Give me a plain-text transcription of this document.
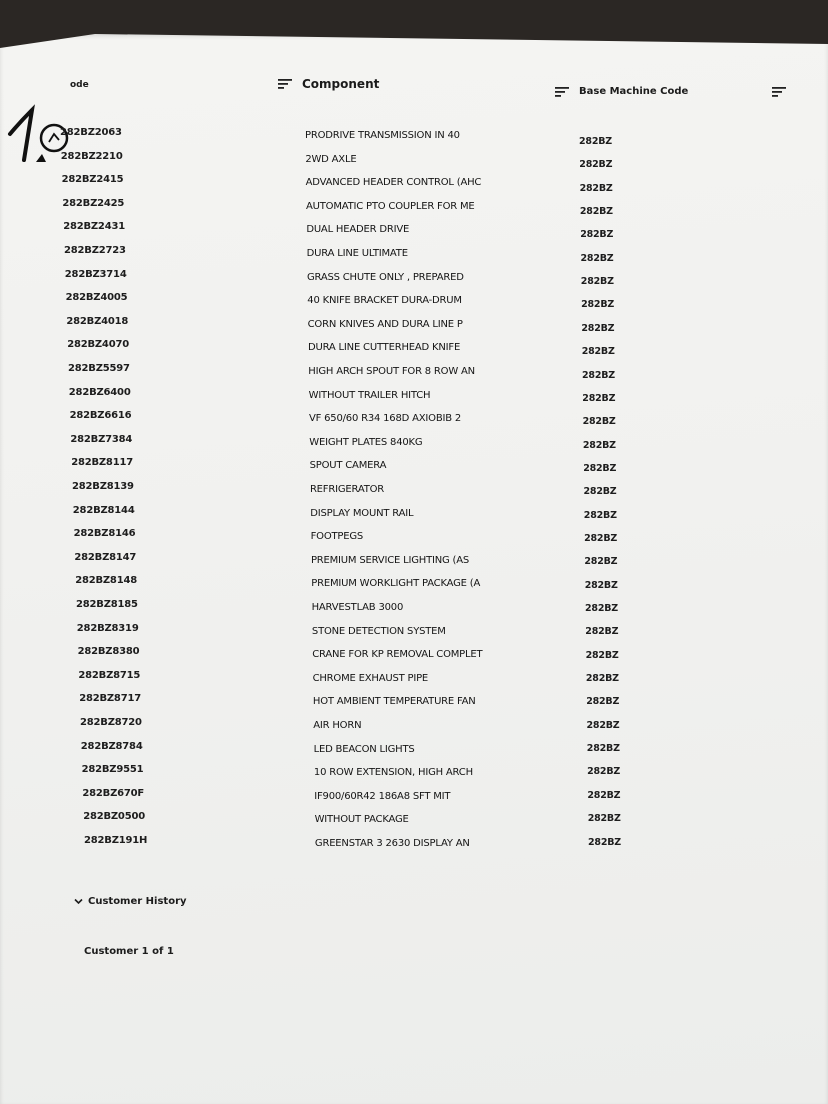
ode	Component
Base Machine Code
282BZ2063
282BZ2210
282BZ2415
282BZ2425
282BZ2431
282BZ2723
282BZ3714
282BZ4005
282BZ4018
282BZ4070
282BZ5597
282BZ6400
282BZ6616
282BZ7384
282BZ8117
282BZ8139
282BZ8144
282BZ8146
282BZ8147
282BZ8148
282BZ8185
282BZ8319
282BZ8380
282BZ8715
282BZ8717
282BZ8720
282BZ8784
282BZ9551
282BZ670F
282BZ0500
282BZ191H
PRODRIVE TRANSMISSION IN 40
2WD AXLE
ADVANCED HEADER CONTROL (AHC
AUTOMATIC PTO COUPLER FOR ME
DUAL HEADER DRIVE
DURA LINE ULTIMATE
GRASS CHUTE ONLY , PREPARED
40 KNIFE BRACKET DURA-DRUM
CORN KNIVES AND DURA LINE P
DURA LINE CUTTERHEAD KNIFE
HIGH ARCH SPOUT FOR 8 ROW AN
WITHOUT TRAILER HITCH
VF 650/60 R34 168D AXIOBIB 2
WEIGHT PLATES 840KG
SPOUT CAMERA
REFRIGERATOR
DISPLAY MOUNT RAIL
FOOTPEGS
PREMIUM SERVICE LIGHTING (AS
PREMIUM WORKLIGHT PACKAGE (A
HARVESTLAB 3000
STONE DETECTION SYSTEM
CRANE FOR KP REMOVAL COMPLET
CHROME EXHAUST PIPE
HOT AMBIENT TEMPERATURE FAN
AIR HORN
LED BEACON LIGHTS
10 ROW EXTENSION, HIGH ARCH
IF900/60R42 186A8 SFT MIT
WITHOUT PACKAGE
GREENSTAR 3 2630 DISPLAY AN
282BZ
282BZ
282BZ
282BZ
282BZ
282BZ
282BZ
282BZ
282BZ
282BZ
282BZ
282BZ
282BZ
282BZ
282BZ
282BZ
282BZ
282BZ
282BZ
282BZ
282BZ
282BZ
282BZ
282BZ
282BZ
282BZ
282BZ
282BZ
282BZ
282BZ
282BZ
Customer History
Customer 1 of 1
